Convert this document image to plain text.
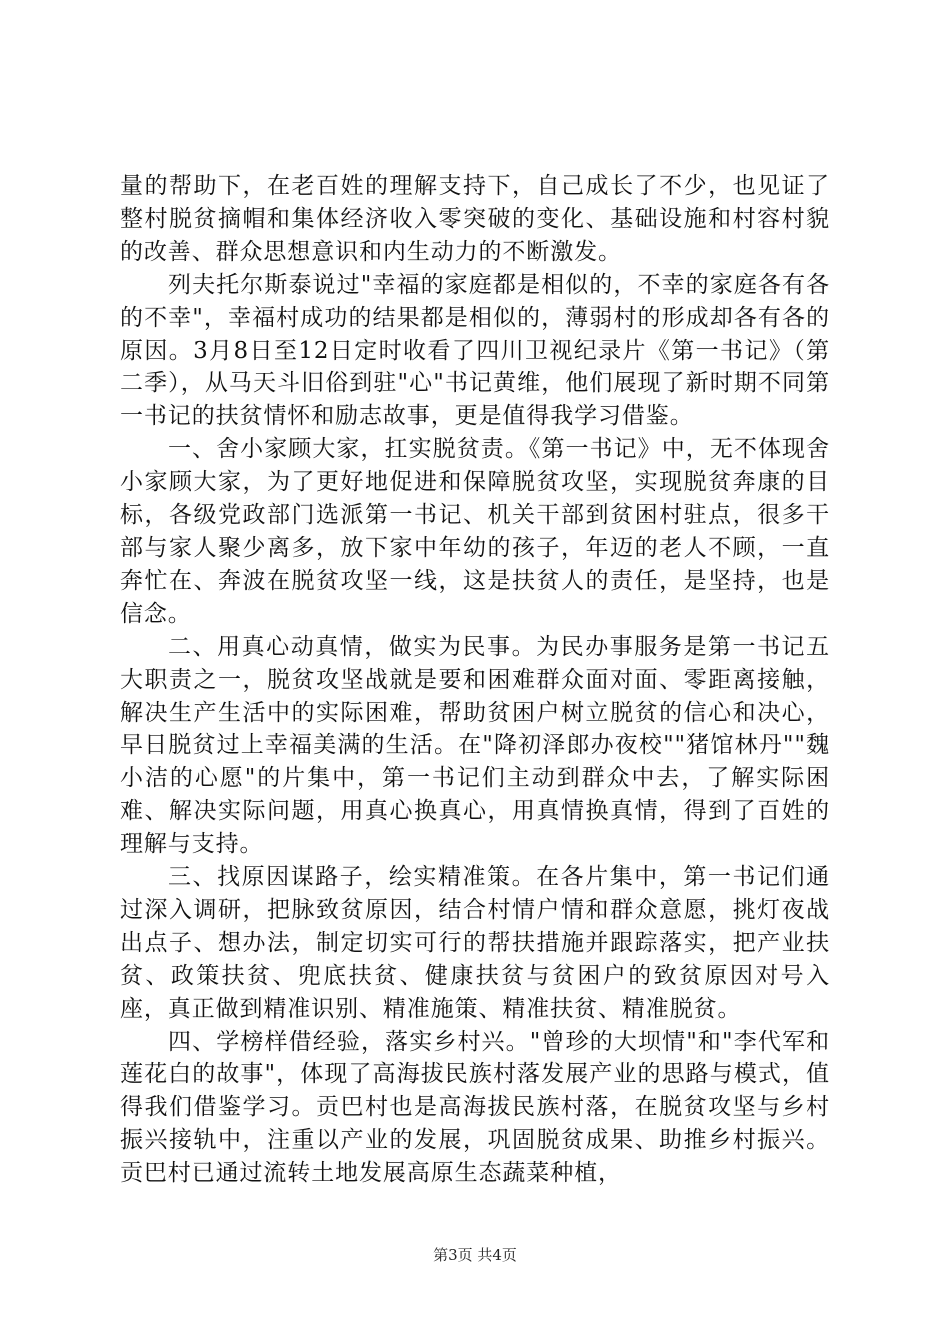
量的帮助下，在老百姓的理解支持下，自己成长了不少，也见证了整村脱贫摘帽和集体经济收入零突破的变化、基础设施和村容村貌的改善、群众思想意识和内生动力的不断激发。

列夫托尔斯泰说过"幸福的家庭都是相似的，不幸的家庭各有各的不幸"，幸福村成功的结果都是相似的，薄弱村的形成却各有各的原因。3月8日至12日定时收看了四川卫视纪录片《第一书记》（第二季），从马天斗旧俗到驻"心"书记黄维，他们展现了新时期不同第一书记的扶贫情怀和励志故事，更是值得我学习借鉴。

一、舍小家顾大家，扛实脱贫责。《第一书记》中，无不体现舍小家顾大家，为了更好地促进和保障脱贫攻坚，实现脱贫奔康的目标，各级党政部门选派第一书记、机关干部到贫困村驻点，很多干部与家人聚少离多，放下家中年幼的孩子，年迈的老人不顾，一直奔忙在、奔波在脱贫攻坚一线，这是扶贫人的责任，是坚持，也是信念。

二、用真心动真情，做实为民事。为民办事服务是第一书记五大职责之一，脱贫攻坚战就是要和困难群众面对面、零距离接触，解决生产生活中的实际困难，帮助贫困户树立脱贫的信心和决心，早日脱贫过上幸福美满的生活。在"降初泽郎办夜校""猪馆林丹""魏小洁的心愿"的片集中，第一书记们主动到群众中去，了解实际困难、解决实际问题，用真心换真心，用真情换真情，得到了百姓的理解与支持。

三、找原因谋路子，绘实精准策。在各片集中，第一书记们通过深入调研，把脉致贫原因，结合村情户情和群众意愿，挑灯夜战出点子、想办法，制定切实可行的帮扶措施并跟踪落实，把产业扶贫、政策扶贫、兜底扶贫、健康扶贫与贫困户的致贫原因对号入座，真正做到精准识别、精准施策、精准扶贫、精准脱贫。

四、学榜样借经验，落实乡村兴。"曾珍的大坝情"和"李代军和莲花白的故事"，体现了高海拔民族村落发展产业的思路与模式，值得我们借鉴学习。贡巴村也是高海拔民族村落，在脱贫攻坚与乡村振兴接轨中，注重以产业的发展，巩固脱贫成果、助推乡村振兴。贡巴村已通过流转土地发展高原生态蔬菜种植，

第3页 共4页
